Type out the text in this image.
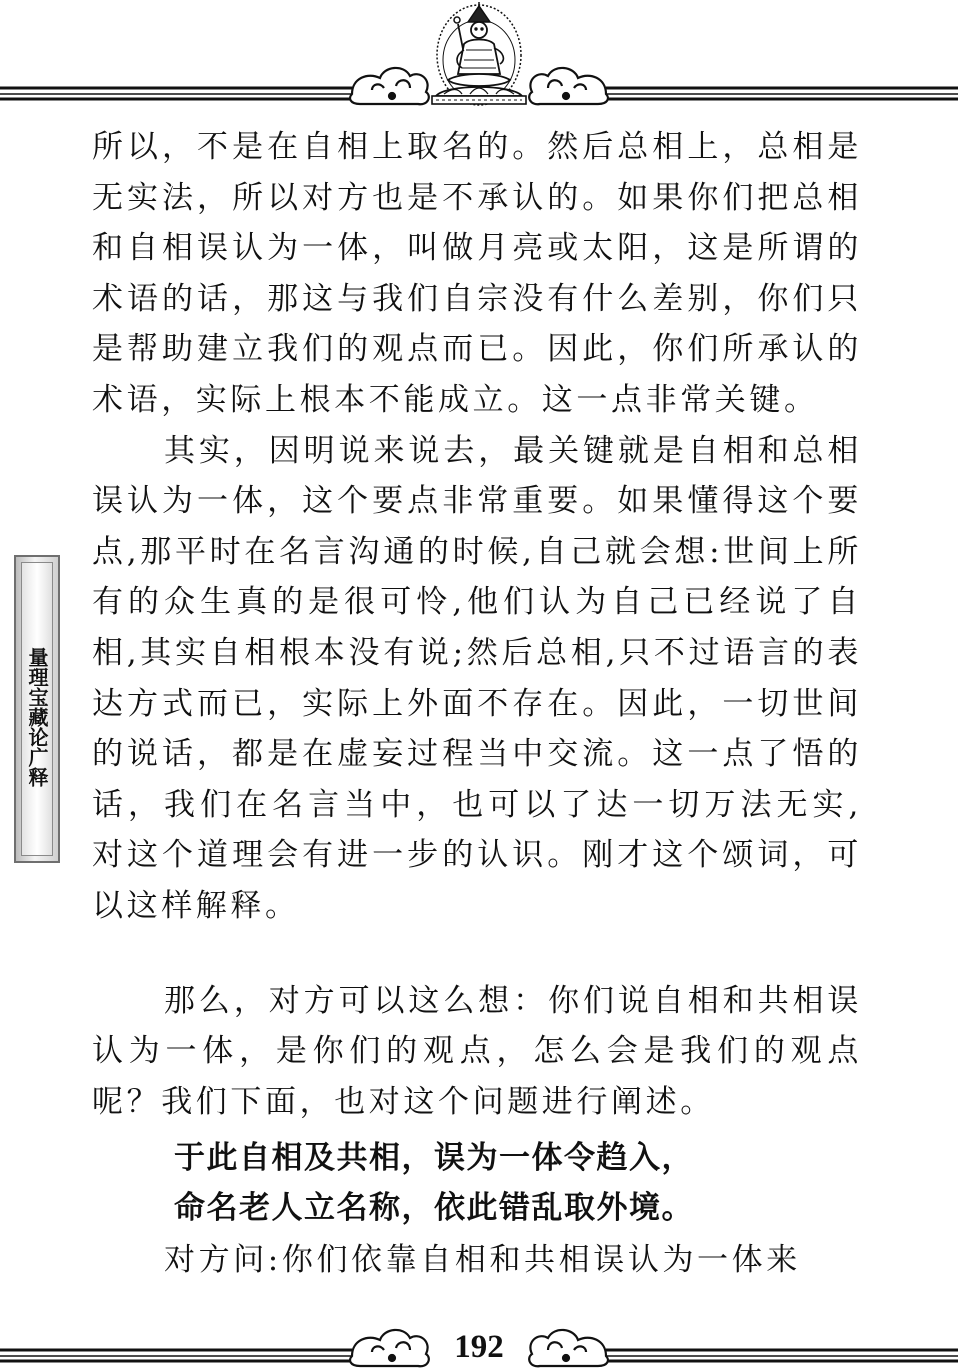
量理宝藏论广释

所以，不是在自相上取名的。然后总相上，总相是无实法，所以对方也是不承认的。如果你们把总相和自相误认为一体，叫做月亮或太阳，这是所谓的术语的话，那这与我们自宗没有什么差别，你们只是帮助建立我们的观点而已。因此，你们所承认的术语，实际上根本不能成立。这一点非常关键。

其实，因明说来说去，最关键就是自相和总相误认为一体，这个要点非常重要。如果懂得这个要点,那平时在名言沟通的时候,自己就会想:世间上所有的众生真的是很可怜,他们认为自己已经说了自相,其实自相根本没有说;然后总相,只不过语言的表达方式而已，实际上外面不存在。因此，一切世间的说话，都是在虚妄过程当中交流。这一点了悟的话，我们在名言当中，也可以了达一切万法无实,对这个道理会有进一步的认识。刚才这个颂词，可以这样解释。

那么，对方可以这么想：你们说自相和共相误认为一体，是你们的观点，怎么会是我们的观点呢？我们下面，也对这个问题进行阐述。

于此自相及共相，误为一体令趋入，
命名老人立名称，依此错乱取外境。

对方问:你们依靠自相和共相误认为一体来

192
